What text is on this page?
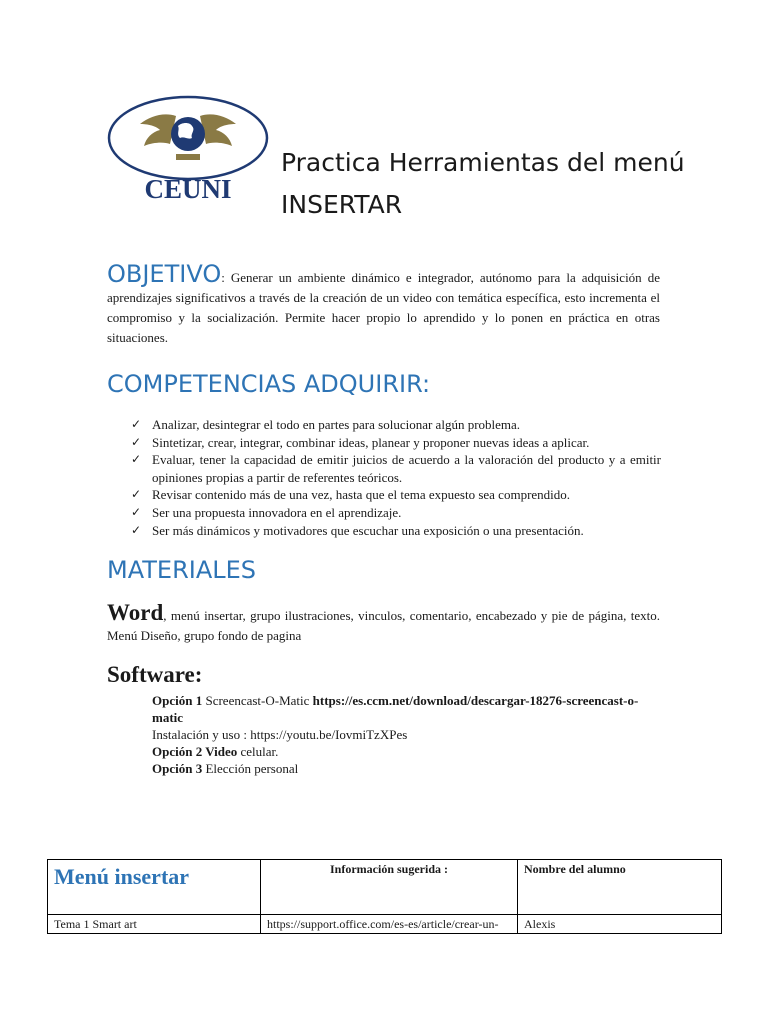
CEUNI
Practica Herramientas del menú INSERTAR
OBJETIVO: Generar un ambiente dinámico e integrador, autónomo para la adquisición de aprendizajes significativos a través de la creación de un video con temática específica, esto incrementa el compromiso y la socialización. Permite hacer propio lo aprendido y lo ponen en práctica en otras situaciones.
COMPETENCIAS ADQUIRIR:
✓ Analizar, desintegrar el todo en partes para solucionar algún problema.
✓ Sintetizar, crear, integrar, combinar ideas, planear y proponer nuevas ideas a aplicar.
✓ Evaluar, tener la capacidad de emitir juicios de acuerdo a la valoración del producto y a emitir opiniones propias a partir de referentes teóricos.
✓ Revisar contenido más de una vez, hasta que el tema expuesto sea comprendido.
✓ Ser una propuesta innovadora en el aprendizaje.
✓ Ser más dinámicos y motivadores que escuchar una exposición o una presentación.
MATERIALES
Word, menú insertar, grupo ilustraciones, vinculos, comentario, encabezado y pie de página, texto. Menú Diseño, grupo fondo de pagina
Software:
Opción 1 Screencast-O-Matic https://es.ccm.net/download/descargar-18276-screencast-o-matic
Instalación y uso : https://youtu.be/IovmiTzXPes
Opción 2 Video celular.
Opción 3 Elección personal
Menú insertar	Información sugerida :	Nombre del alumno
Tema 1 Smart art	https://support.office.com/es-es/article/crear-un-	Alexis
